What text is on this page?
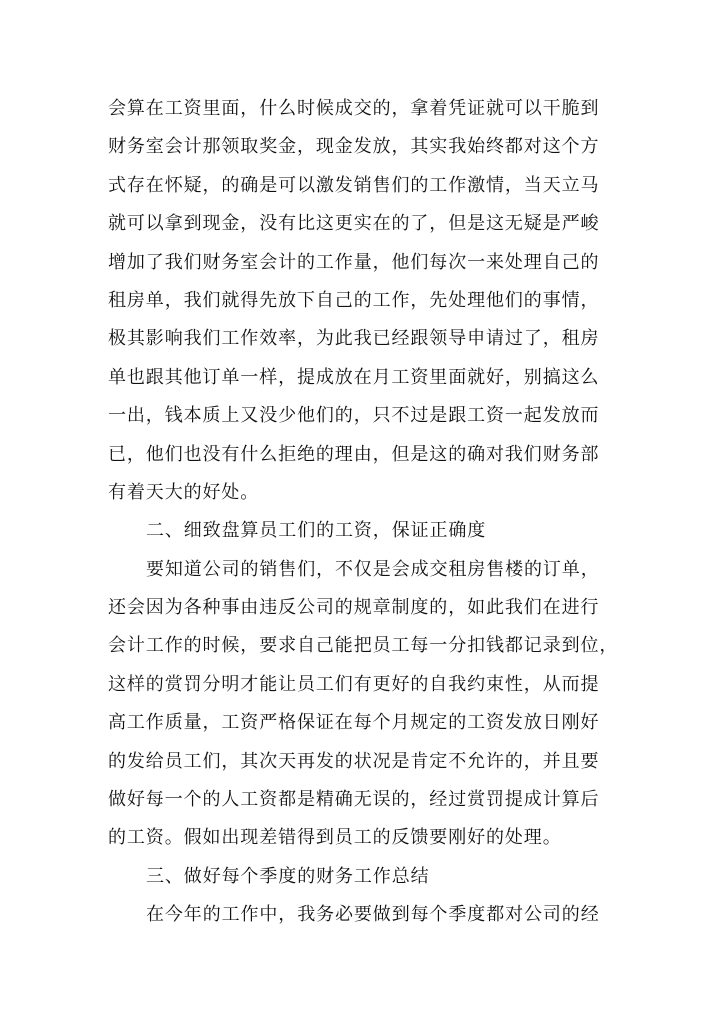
会算在工资里面，什么时候成交的，拿着凭证就可以干脆到
财务室会计那领取奖金，现金发放，其实我始终都对这个方
式存在怀疑，的确是可以激发销售们的工作激情，当天立马
就可以拿到现金，没有比这更实在的了，但是这无疑是严峻
增加了我们财务室会计的工作量，他们每次一来处理自己的
租房单，我们就得先放下自己的工作，先处理他们的事情，
极其影响我们工作效率，为此我已经跟领导申请过了，租房
单也跟其他订单一样，提成放在月工资里面就好，别搞这么
一出，钱本质上又没少他们的，只不过是跟工资一起发放而
已，他们也没有什么拒绝的理由，但是这的确对我们财务部
有着天大的好处。
二、细致盘算员工们的工资，保证正确度
要知道公司的销售们，不仅是会成交租房售楼的订单，
还会因为各种事由违反公司的规章制度的，如此我们在进行
会计工作的时候，要求自己能把员工每一分扣钱都记录到位，
这样的赏罚分明才能让员工们有更好的自我约束性，从而提
高工作质量，工资严格保证在每个月规定的工资发放日刚好
的发给员工们，其次天再发的状况是肯定不允许的，并且要
做好每一个的人工资都是精确无误的，经过赏罚提成计算后
的工资。假如出现差错得到员工的反馈要刚好的处理。
三、做好每个季度的财务工作总结
在今年的工作中，我务必要做到每个季度都对公司的经
